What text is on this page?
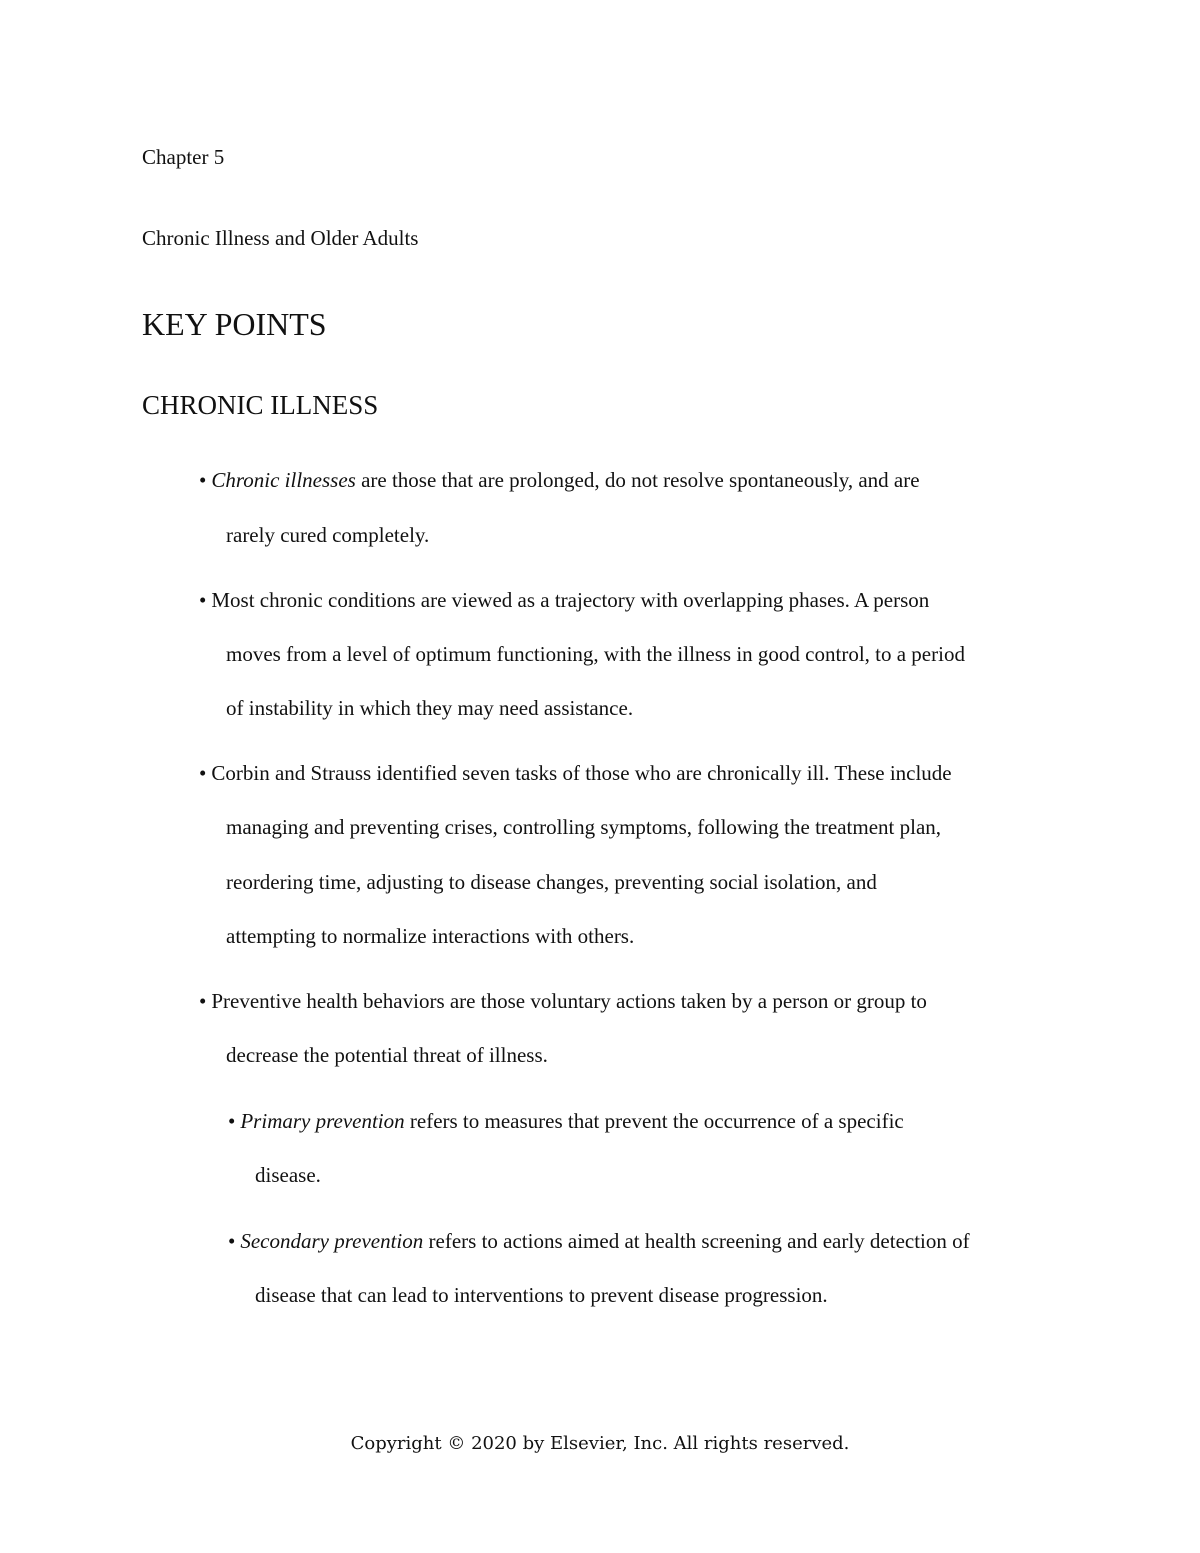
Chapter 5
Chronic Illness and Older Adults
KEY POINTS
CHRONIC ILLNESS
• Chronic illnesses are those that are prolonged, do not resolve spontaneously, and are
rarely cured completely.
• Most chronic conditions are viewed as a trajectory with overlapping phases. A person
moves from a level of optimum functioning, with the illness in good control, to a period
of instability in which they may need assistance.
• Corbin and Strauss identified seven tasks of those who are chronically ill. These include
managing and preventing crises, controlling symptoms, following the treatment plan,
reordering time, adjusting to disease changes, preventing social isolation, and
attempting to normalize interactions with others.
• Preventive health behaviors are those voluntary actions taken by a person or group to
decrease the potential threat of illness.
• Primary prevention refers to measures that prevent the occurrence of a specific
disease.
• Secondary prevention refers to actions aimed at health screening and early detection of
disease that can lead to interventions to prevent disease progression.
Copyright © 2020 by Elsevier, Inc. All rights reserved.
